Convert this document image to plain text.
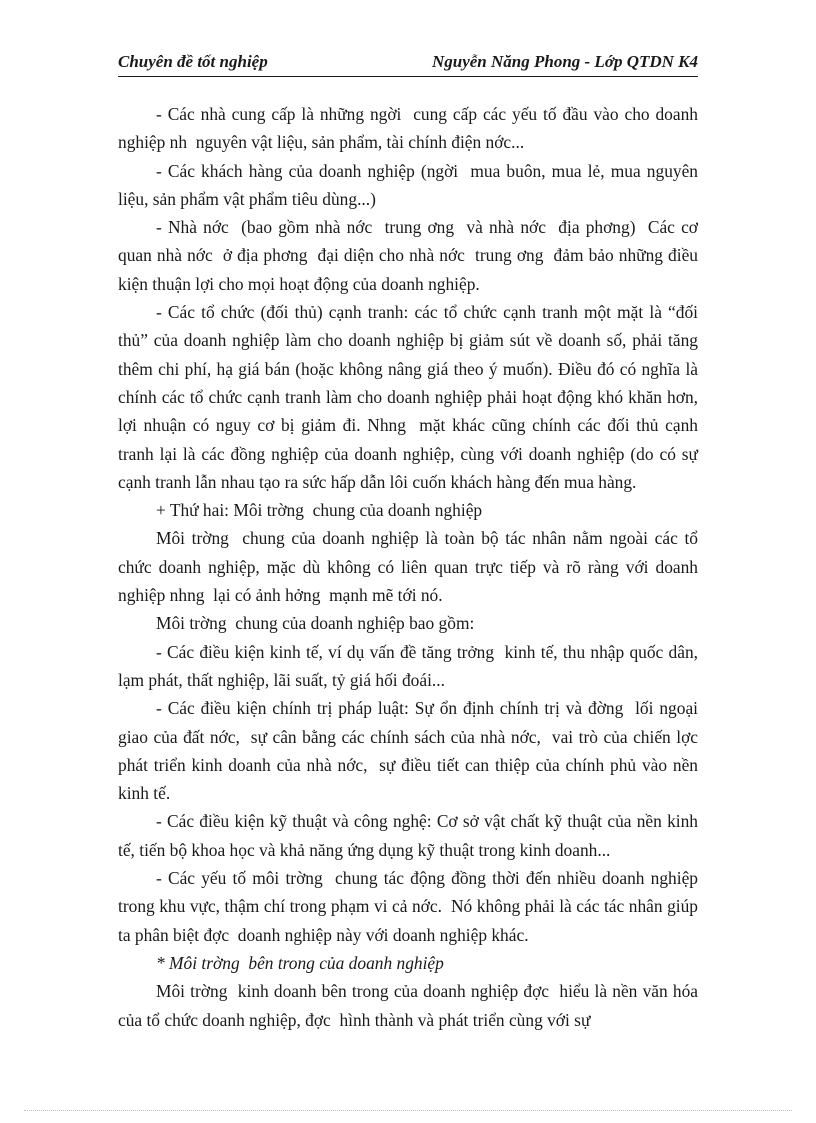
Chuyên đề tốt nghiệp	Nguyễn Năng Phong - Lớp QTDN K4

- Các nhà cung cấp là những ngời  cung cấp các yếu tố đầu vào cho doanh nghiệp nh  nguyên vật liệu, sản phẩm, tài chính điện nớc...

- Các khách hàng của doanh nghiệp (ngời  mua buôn, mua lẻ, mua nguyên liệu, sản phẩm vật phẩm tiêu dùng...)

- Nhà nớc  (bao gồm nhà nớc  trung ơng  và nhà nớc  địa phơng)  Các cơ quan nhà nớc  ở địa phơng  đại diện cho nhà nớc  trung ơng  đảm bảo những điều kiện thuận lợi cho mọi hoạt động của doanh nghiệp.

- Các tổ chức (đối thủ) cạnh tranh: các tổ chức cạnh tranh một mặt là “đối thủ” của doanh nghiệp làm cho doanh nghiệp bị giảm sút về doanh số, phải tăng thêm chi phí, hạ giá bán (hoặc không nâng giá theo ý muốn). Điều đó có nghĩa là chính các tổ chức cạnh tranh làm cho doanh nghiệp phải hoạt động khó khăn hơn, lợi nhuận có nguy cơ bị giảm đi. Nhng  mặt khác cũng chính các đối thủ cạnh tranh lại là các đồng nghiệp của doanh nghiệp, cùng với doanh nghiệp (do có sự cạnh tranh lẫn nhau tạo ra sức hấp dẫn lôi cuốn khách hàng đến mua hàng.

+ Thứ hai: Môi trờng  chung của doanh nghiệp

Môi trờng  chung của doanh nghiệp là toàn bộ tác nhân nằm ngoài các tổ chức doanh nghiệp, mặc dù không có liên quan trực tiếp và rõ ràng với doanh nghiệp nhng  lại có ảnh hởng  mạnh mẽ tới nó.

Môi trờng  chung của doanh nghiệp bao gồm:

- Các điều kiện kinh tế, ví dụ vấn đề tăng trởng  kinh tế, thu nhập quốc dân, lạm phát, thất nghiệp, lãi suất, tỷ giá hối đoái...

- Các điều kiện chính trị pháp luật: Sự ổn định chính trị và đờng  lối ngoại giao của đất nớc,  sự cân bằng các chính sách của nhà nớc,  vai trò của chiến lợc  phát triển kinh doanh của nhà nớc,  sự điều tiết can thiệp của chính phủ vào nền kinh tế.

- Các điều kiện kỹ thuật và công nghệ: Cơ sở vật chất kỹ thuật của nền kinh tế, tiến bộ khoa học và khả năng ứng dụng kỹ thuật trong kinh doanh...

- Các yếu tố môi trờng  chung tác động đồng thời đến nhiều doanh nghiệp trong khu vực, thậm chí trong phạm vi cả nớc.  Nó không phải là các tác nhân giúp ta phân biệt đợc  doanh nghiệp này với doanh nghiệp khác.

* Môi trờng  bên trong của doanh nghiệp

Môi trờng  kinh doanh bên trong của doanh nghiệp đợc  hiểu là nền văn hóa của tổ chức doanh nghiệp, đợc  hình thành và phát triển cùng với sự
